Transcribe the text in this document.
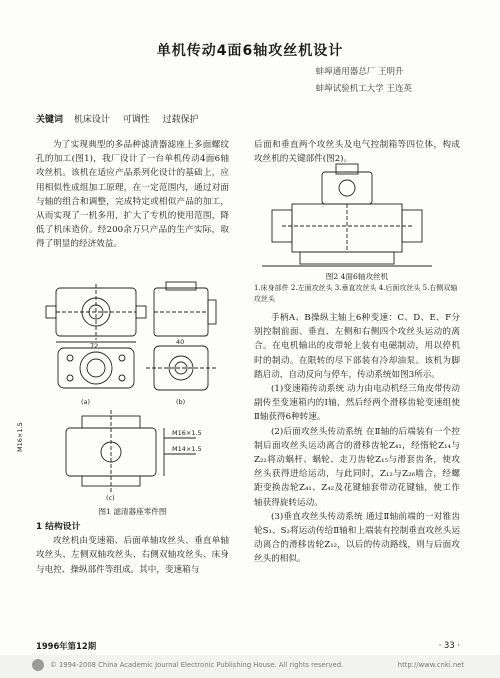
单机传动4面6轴攻丝机设计
蚌埠通用器总厂 王明升
蚌埠试验机工大学 王连英
关键词 机床设计 可调性 过载保护

为了实现典型的多品种滤清器滤座上多面螺纹孔的加工(图1)，我厂设计了一台单机传动4面6轴攻丝机。该机在适应产品系列化设计的基础上，应用相似性成组加工原理，在一定范围内，通过对面与轴的组合和调整，完成特定或相似产品的加工，从而实现了一机多用，扩大了专机的使用范围，降低了机床造价。经200余万只产品的生产实际，取得了明显的经济效益。

(a)	(b)
(c)
M16×1.5
M14×1.5
M16×1.5
72	40
图1 滤清器座零件图

1 结构设计

攻丝机由变速箱、后面单轴攻丝头、垂直单轴攻丝头、左侧双轴攻丝头、右侧双轴攻丝头、床身与电控、操纵部件等组成。其中，变速箱与

后面和垂直两个攻丝头及电气控制箱等四位体，构成攻丝机的关键部件(图2)。

图2 4面6轴攻丝机
1.床身部件 2.左面攻丝头 3.垂直攻丝头 4.后面攻丝头 5.右侧双轴攻丝头

手柄A、B操纵主轴上6种变速：C、D、E、F分别控制前面、垂直、左侧和右侧四个攻丝头运动的离合。在电机输出的皮带轮上装有电磁制动，用以停机时的制动。在限转的尽下部装有冷却油泵。该机为脚踏启动，自动反向与停车，传动系统如图3所示。

(1)变速箱传动系统 动力由电动机经三角皮带传动副传至变速箱内的Ⅰ轴，然后经两个滑移齿轮变速组使Ⅱ轴获得6种转速。

(2)后面攻丝头传动系统 在Ⅱ轴的后端装有一个控制后面攻丝头运动离合的滑移齿轮Z₄₁，经惰轮Z₁₄与Z₂₂将动蜗杆、蜗轮、走刀齿轮Z₁₅与滑套齿条，使攻丝头获得进给运动，与此同时，Z₁₂与Z₂₆啮合，经螺距变换齿轮Z₄₁、Z₄₂及花键轴套带动花键轴，使工作轴获得旋转运动。

(3)垂直攻丝头传动系统 通过Ⅱ轴前端的一对锥齿轮S₁、S₂将运动传给Ⅱ轴和上端装有控制垂直攻丝头运动离合的滑移齿轮Z₁₂，以后的传动路线，则与后面攻丝头的相似。

1996年第12期	· 33 ·
© 1994-2008 China Academic Journal Electronic Publishing House. All rights reserved.	http://www.cnki.net
